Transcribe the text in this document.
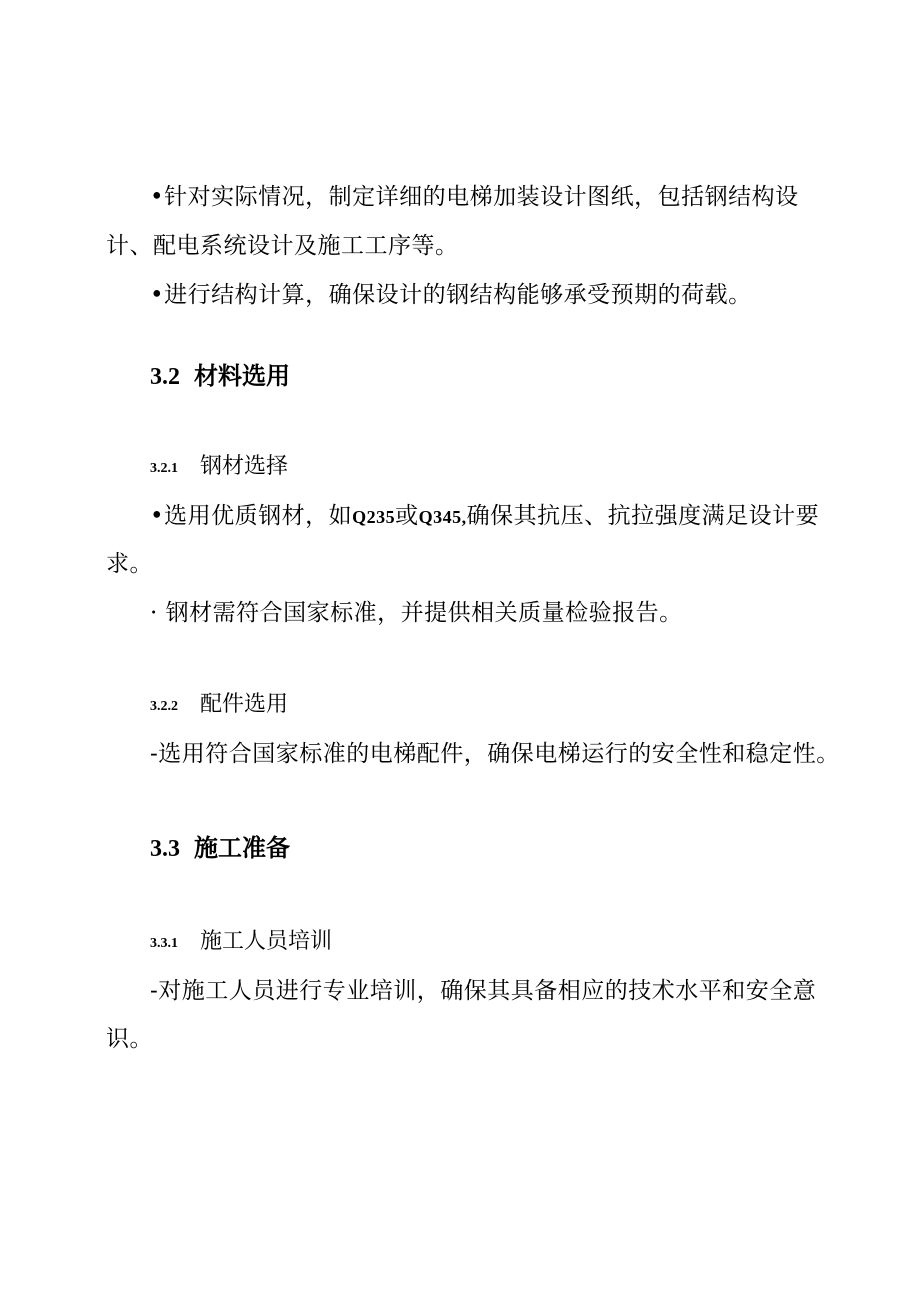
•针对实际情况，制定详细的电梯加装设计图纸，包括钢结构设
计、配电系统设计及施工工序等。
•进行结构计算，确保设计的钢结构能够承受预期的荷载。
3.2 材料选用
3.2.1 钢材选择
•选用优质钢材，如Q235或Q345,确保其抗压、抗拉强度满足设计要
求。
· 钢材需符合国家标准，并提供相关质量检验报告。
3.2.2 配件选用
-选用符合国家标准的电梯配件，确保电梯运行的安全性和稳定性。
3.3 施工准备
3.3.1 施工人员培训
-对施工人员进行专业培训，确保其具备相应的技术水平和安全意
识。
